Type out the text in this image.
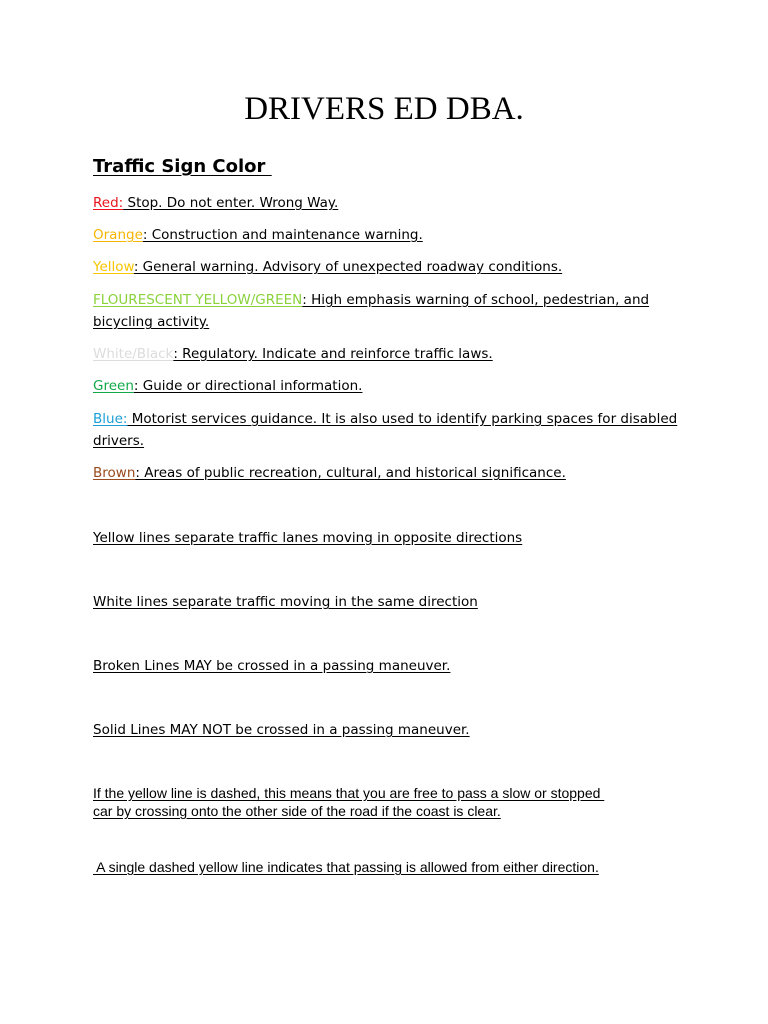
DRIVERS ED DBA.
Traffic Sign Color

Red: Stop. Do not enter. Wrong Way.

Orange: Construction and maintenance warning.

Yellow: General warning. Advisory of unexpected roadway conditions.

FLOURESCENT YELLOW/GREEN: High emphasis warning of school, pedestrian, and bicycling activity.

White/Black: Regulatory. Indicate and reinforce traffic laws.

Green: Guide or directional information.

Blue: Motorist services guidance. It is also used to identify parking spaces for disabled drivers.

Brown: Areas of public recreation, cultural, and historical significance.

Yellow lines separate traffic lanes moving in opposite directions

White lines separate traffic moving in the same direction

Broken Lines MAY be crossed in a passing maneuver.

Solid Lines MAY NOT be crossed in a passing maneuver.

If the yellow line is dashed, this means that you are free to pass a slow or stopped
car by crossing onto the other side of the road if the coast is clear.

A single dashed yellow line indicates that passing is allowed from either direction.
